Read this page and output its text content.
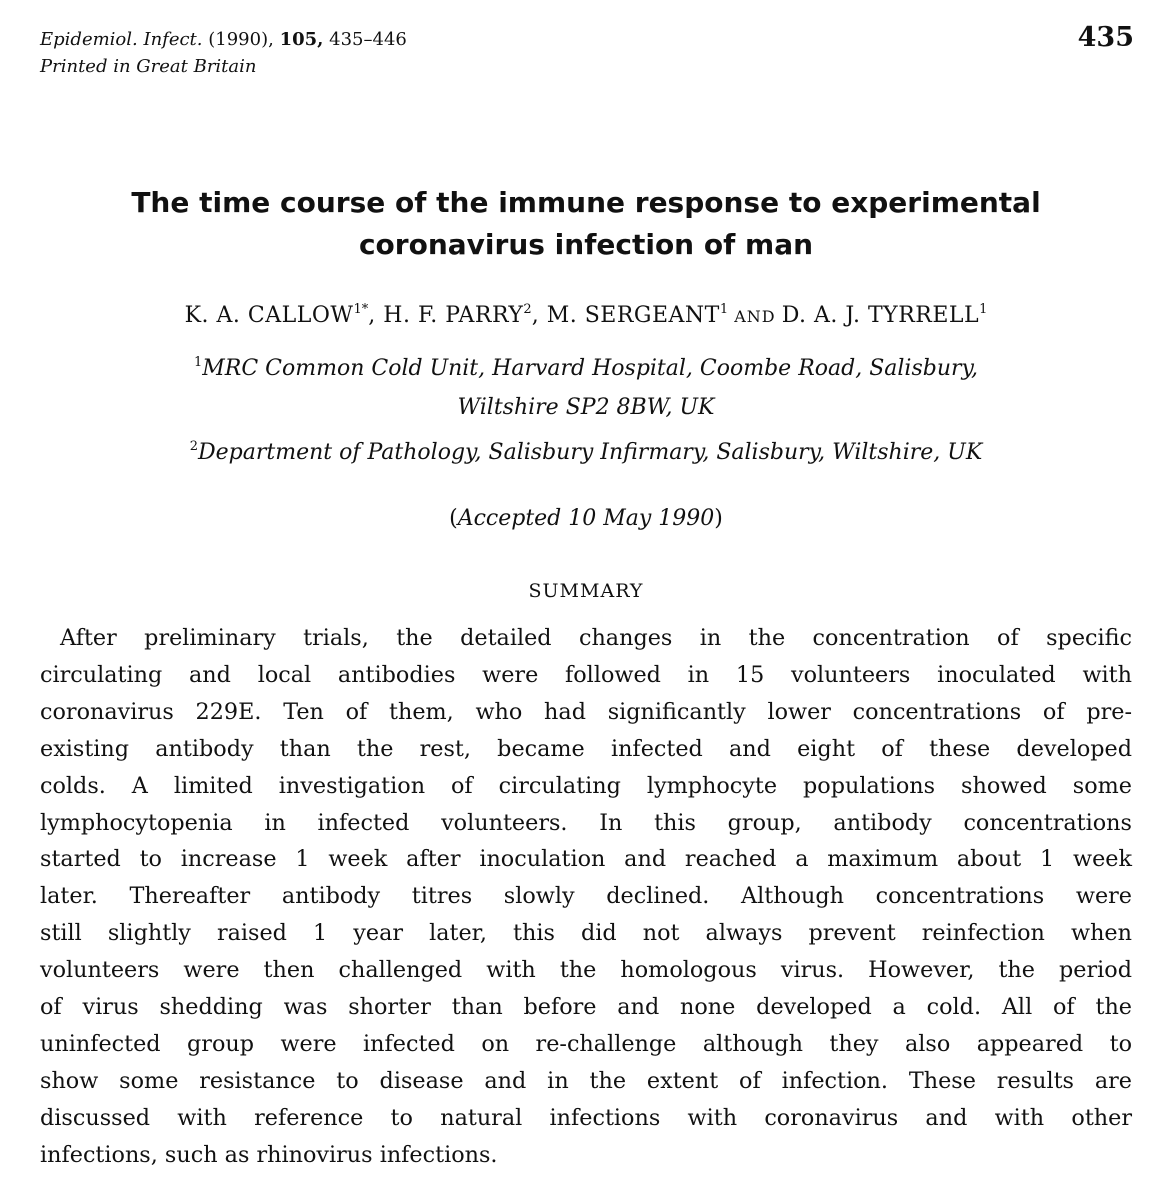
Epidemiol. Infect. (1990), 105, 435–446
Printed in Great Britain
435
The time course of the immune response to experimental
coronavirus infection of man
K. A. $CALLOW^{1*}$, H. F. PARRY$^2$, M. SERGEANT$^1$ AND D. A. J. TYRRELL$^1$
$^1$MRC Common Cold Unit, Harvard Hospital, Coombe Road, Salisbury,
Wiltshire SP2 8BW, UK
$^2$Department of Pathology, Salisbury Infirmary, Salisbury, Wiltshire, UK
(Accepted 10 May 1990)
SUMMARY
After preliminary trials, the detailed changes in the concentration of specific
circulating and local antibodies were followed in 15 volunteers inoculated with
coronavirus 229E. Ten of them, who had significantly lower concentrations of pre-
existing antibody than the rest, became infected and eight of these developed
colds. A limited investigation of circulating lymphocyte populations showed some
lymphocytopenia in infected volunteers. In this group, antibody concentrations
started to increase 1 week after inoculation and reached a maximum about 1 week
later. Thereafter antibody titres slowly declined. Although concentrations were
still slightly raised 1 year later, this did not always prevent reinfection when
volunteers were then challenged with the homologous virus. However, the period
of virus shedding was shorter than before and none developed a cold. All of the
uninfected group were infected on re-challenge although they also appeared to
show some resistance to disease and in the extent of infection. These results are
discussed with reference to natural infections with coronavirus and with other
infections, such as rhinovirus infections.
